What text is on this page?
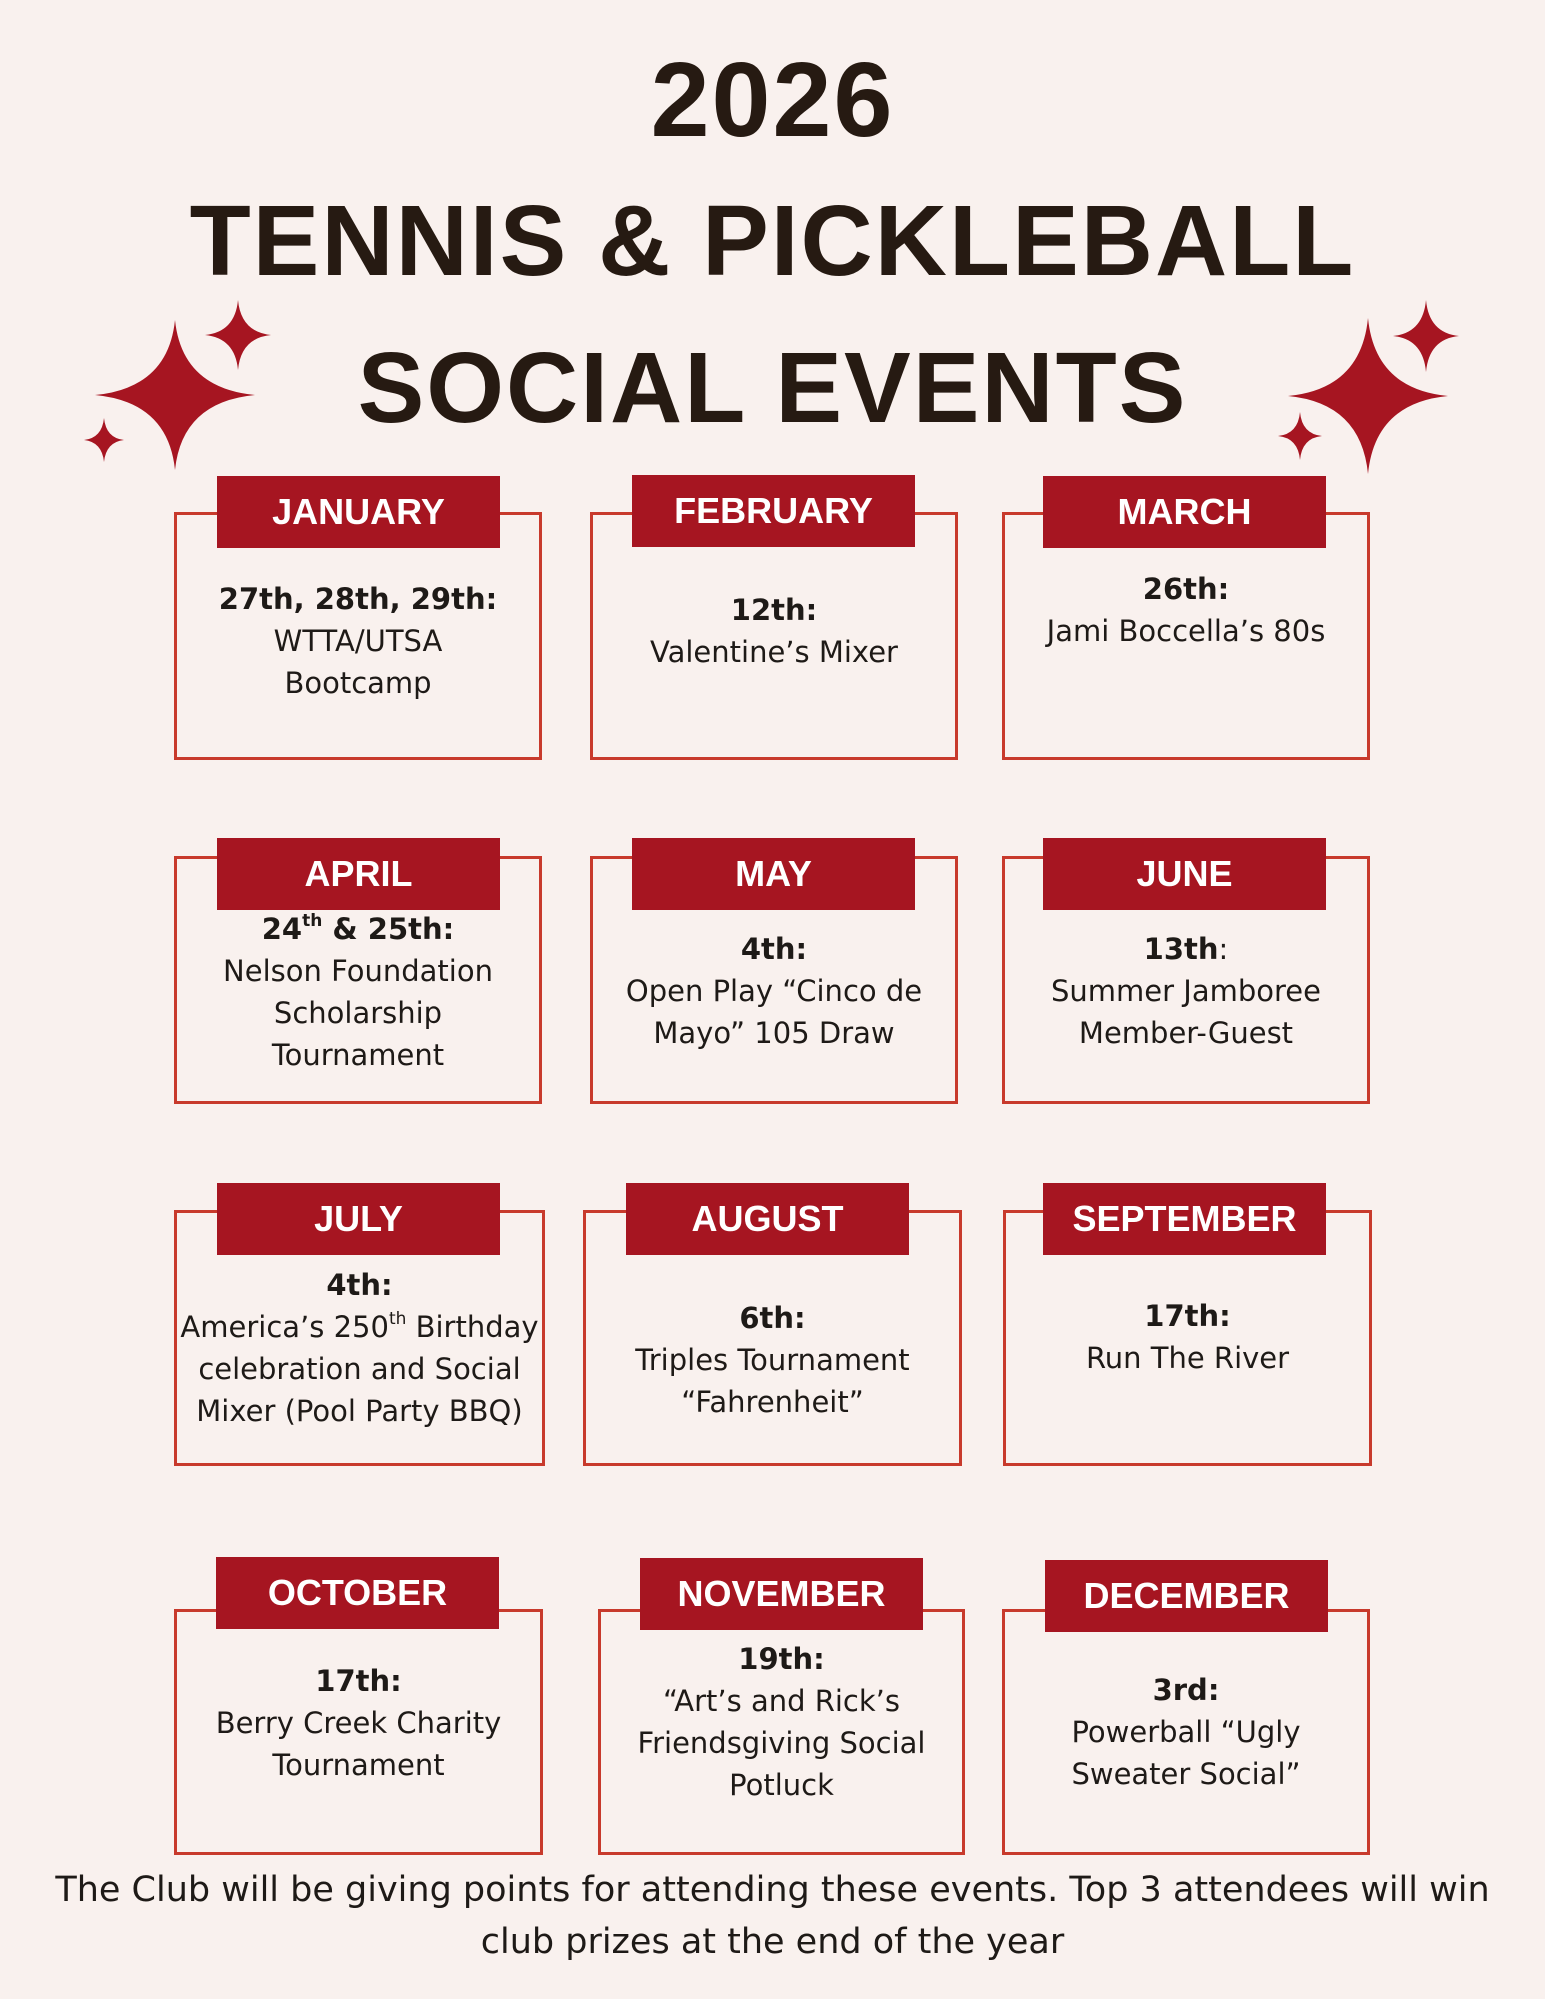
2026
TENNIS & PICKLEBALL
SOCIAL EVENTS
JANUARY
27th, 28th, 29th:
WTTA/UTSA
Bootcamp
FEBRUARY
12th:
Valentine’s Mixer
MARCH
26th:
Jami Boccella’s 80s
APRIL
24th & 25th:
Nelson Foundation
Scholarship
Tournament
MAY
4th:
Open Play “Cinco de
Mayo” 105 Draw
JUNE
13th:
Summer Jamboree
Member-Guest
JULY
4th:
America’s 250th Birthday
celebration and Social
Mixer (Pool Party BBQ)
AUGUST
6th:
Triples Tournament
“Fahrenheit”
SEPTEMBER
17th:
Run The River
OCTOBER
17th:
Berry Creek Charity
Tournament
NOVEMBER
19th:
“Art’s and Rick’s
Friendsgiving Social
Potluck
DECEMBER
3rd:
Powerball “Ugly
Sweater Social”
The Club will be giving points for attending these events. Top 3 attendees will win club prizes at the end of the year
